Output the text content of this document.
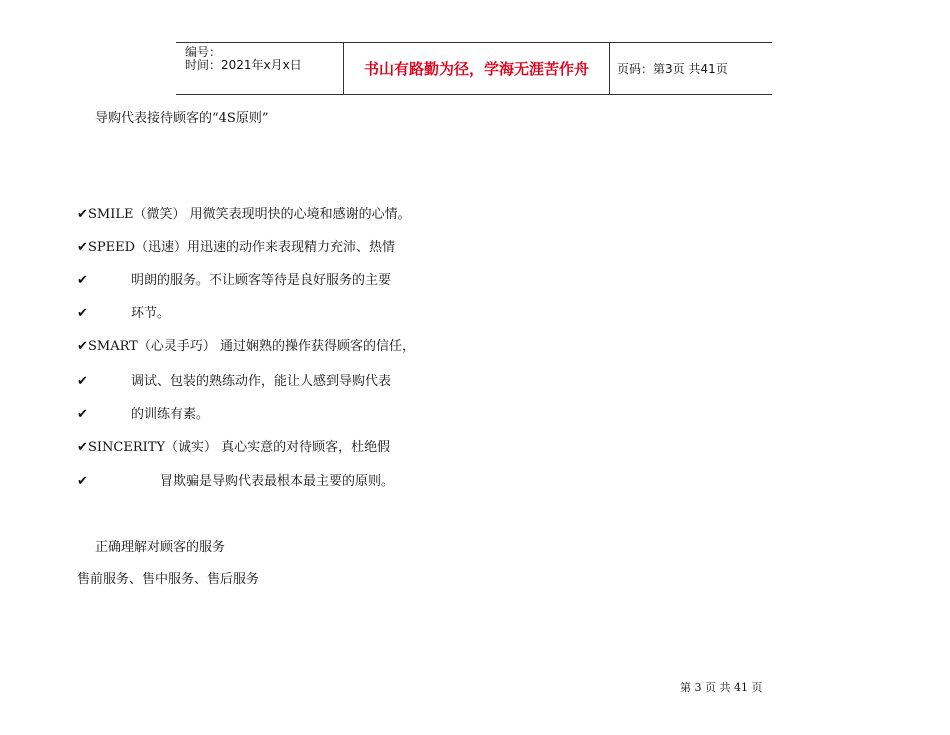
编号：
时间：2021年x月x日	书山有路勤为径，学海无涯苦作舟	页码：第3页 共41页
导购代表接待顾客的“4S原则”
✔ SMILE（微笑） 用微笑表现明快的心境和感谢的心情。
✔ SPEED（迅速）用迅速的动作来表现精力充沛、热情
✔	明朗的服务。不让顾客等待是良好服务的主要
✔	环节。
✔ SMART（心灵手巧） 通过娴熟的操作获得顾客的信任，
✔	调试、包装的熟练动作，能让人感到导购代表
✔	的训练有素。
✔ SINCERITY（诚实） 真心实意的对待顾客，杜绝假
✔	冒欺骗是导购代表最根本最主要的原则。
正确理解对顾客的服务
售前服务、售中服务、售后服务
第 3 页 共 41 页
